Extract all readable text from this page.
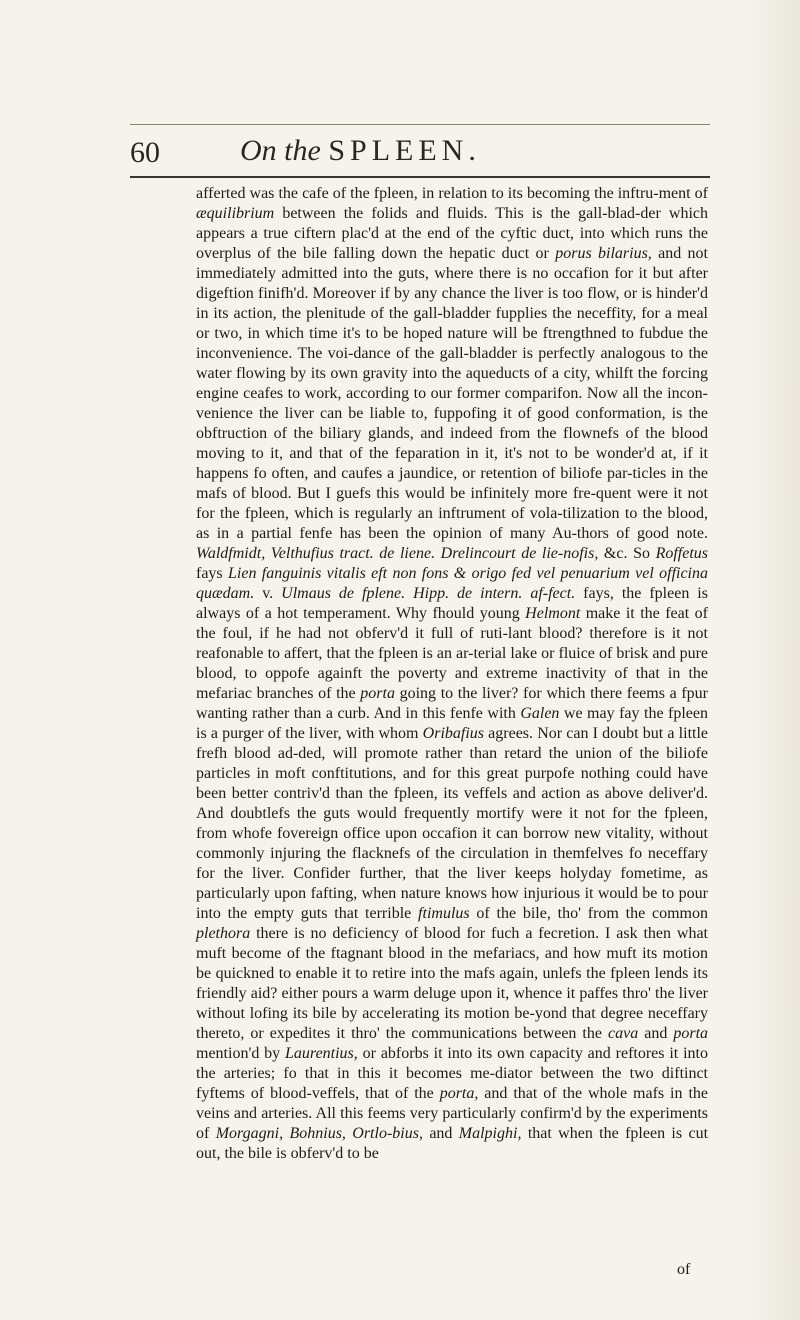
60	On the SPLEEN.

afferted was the cafe of the fpleen, in relation to its becoming the inftru-ment of æquilibrium between the folids and fluids. This is the gall-blad-der which appears a true ciftern plac'd at the end of the cyftic duct, into which runs the overplus of the bile falling down the hepatic duct or porus bilarius, and not immediately admitted into the guts, where there is no occafion for it but after digeftion finifh'd. Moreover if by any chance the liver is too flow, or is hinder'd in its action, the plenitude of the gall-bladder fupplies the neceffity, for a meal or two, in which time it's to be hoped nature will be ftrengthned to fubdue the inconvenience. The voi-dance of the gall-bladder is perfectly analogous to the water flowing by its own gravity into the aqueducts of a city, whilft the forcing engine ceafes to work, according to our former comparifon. Now all the incon-venience the liver can be liable to, fuppofing it of good conformation, is the obftruction of the biliary glands, and indeed from the flownefs of the blood moving to it, and that of the feparation in it, it's not to be wonder'd at, if it happens fo often, and caufes a jaundice, or retention of biliofe par-ticles in the mafs of blood. But I guefs this would be infinitely more fre-quent were it not for the fpleen, which is regularly an inftrument of vola-tilization to the blood, as in a partial fenfe has been the opinion of many Au-thors of good note. Waldfmidt, Velthufius tract. de liene. Drelincourt de lie-nofis, &c. So Roffetus fays Lien fanguinis vitalis eft non fons & origo fed vel penuarium vel officina quædam. v. Ulmaus de fplene. Hipp. de intern. af-fect. fays, the fpleen is always of a hot temperament. Why fhould young Helmont make it the feat of the foul, if he had not obferv'd it full of ruti-lant blood? therefore is it not reafonable to affert, that the fpleen is an ar-terial lake or fluice of brisk and pure blood, to oppofe againft the poverty and extreme inactivity of that in the mefariac branches of the porta going to the liver? for which there feems a fpur wanting rather than a curb. And in this fenfe with Galen we may fay the fpleen is a purger of the liver, with whom Oribafius agrees. Nor can I doubt but a little frefh blood ad-ded, will promote rather than retard the union of the biliofe particles in moft conftitutions, and for this great purpofe nothing could have been better contriv'd than the fpleen, its veffels and action as above deliver'd. And doubtlefs the guts would frequently mortify were it not for the fpleen, from whofe fovereign office upon occafion it can borrow new vitality, without commonly injuring the flacknefs of the circulation in themfelves fo neceffary for the liver. Confider further, that the liver keeps holyday fometime, as particularly upon fafting, when nature knows how injurious it would be to pour into the empty guts that terrible ftimulus of the bile, tho' from the common plethora there is no deficiency of blood for fuch a fecretion. I ask then what muft become of the ftagnant blood in the mefariacs, and how muft its motion be quickned to enable it to retire into the mafs again, unlefs the fpleen lends its friendly aid? either pours a warm deluge upon it, whence it paffes thro' the liver without lofing its bile by accelerating its motion be-yond that degree neceffary thereto, or expedites it thro' the communications between the cava and porta mention'd by Laurentius, or abforbs it into its own capacity and reftores it into the arteries; fo that in this it becomes me-diator between the two diftinct fyftems of blood-veffels, that of the porta, and that of the whole mafs in the veins and arteries. All this feems very particularly confirm'd by the experiments of Morgagni, Bohnius, Ortlo-bius, and Malpighi, that when the fpleen is cut out, the bile is obferv'd to be

of
